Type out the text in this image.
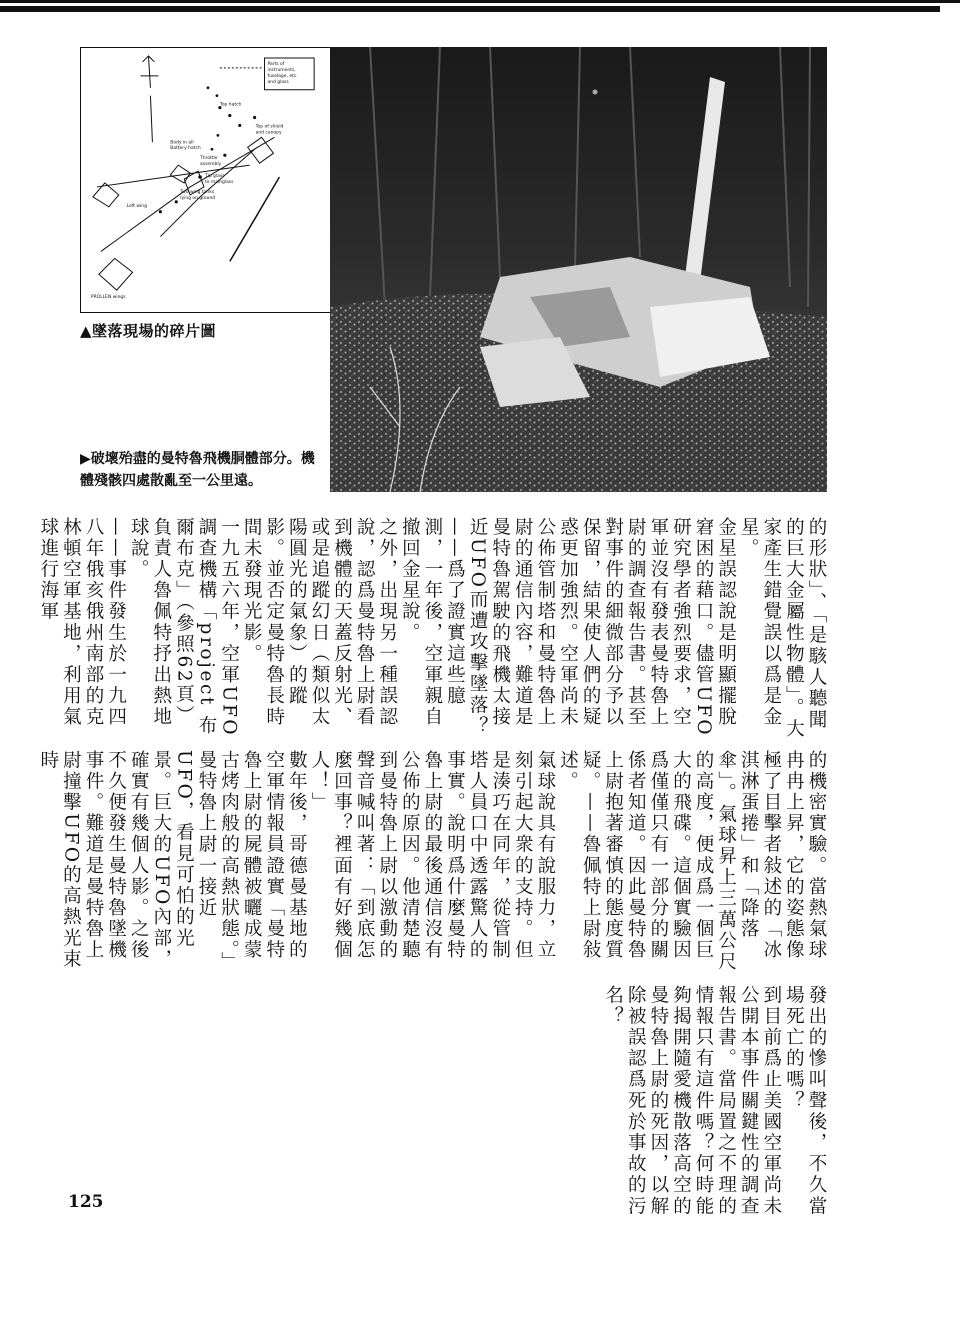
Parts of
instruments,
fuselage, etc.
and glass
Top hatch
Top of shield
and canopy
Body in all
Battery hatch
Throttle
assembly
Tip glass
to mainglass
Two wing tanks
lying on ground
Left wing
PROLLEN wings
▲墜落現場的碎片圖
▶破壞殆盡的曼特魯飛機胴體部分。機體殘骸四處散亂至一公里遠。

的形狀」、「是駭人聽聞的巨大金屬性物體」。大家產生錯覺誤以爲是金星。

金星誤認說是明顯擺脫窘困的藉口。儘管UFO研究學者強烈要求，空軍並沒有發表曼特魯上尉的調查報告書。甚至對事件的細微部分予以保留，結果使人們的疑惑更加強烈。空軍尚未公佈管制塔和曼特魯上尉的通信內容，難道是曼特魯駕駛的飛機太接近UFO而遭攻擊墜落？——爲了證實這些臆測，一年後，空軍親自撤回金星說。

之外，出現另一種誤認說，認爲曼特魯上尉看到機體的天蓋反射光、或是追蹤幻日（類似太陽圓光的氣象）的蹤影。並否定曼特魯長時間未發現光影。

一九五六年，空軍UFO調查機構「project 布爾布克」（參照62頁）負責人魯佩特抒出熱地球說。

——事件發生於一九四八年俄亥俄州南部的克林頓空軍基地，利用氣球進行海軍

的機密實驗。當熱氣球冉冉上昇，它的姿態像極了目擊者敍述的「冰淇淋蛋捲」和「降落傘」。氣球昇上三萬公尺的高度，便成爲一個巨大的飛碟。這個實驗因爲僅僅只有一部分的關係者知道。因此曼特魯上尉抱著審慎的態度質疑。——魯佩特上尉敍述。

氣球說具有說服力，立刻引起大衆的支持。但是湊巧在同年，從管制塔人員口中透露驚人的事實。說明爲什麼曼特魯上尉的最後通信沒有公佈的原因。他清楚聽到曼特魯上尉以激動的聲音喊叫著：「到底怎麼回事？裡面有好幾個人！」

數年後，哥德曼基地的空軍情報員證實「曼特魯上尉的屍體被曬成蒙古烤肉般的高熱狀態。」

曼特魯上尉一接近UFO，看見可怕的光景。巨大的UFO內部，確實有幾個人影。之後不久便發生曼特魯墜機事件。難道是曼特魯上尉撞擊UFO的高熱光束時

發出的慘叫聲後，不久當場死亡的嗎？

到目前爲止美國空軍尚未公開本事件關鍵性的調查報告書。當局置之不理的情報只有這件嗎？何時能夠揭開隨愛機散落高空的曼特魯上尉的死因，以解除被誤認爲死於事故的污名？

125
